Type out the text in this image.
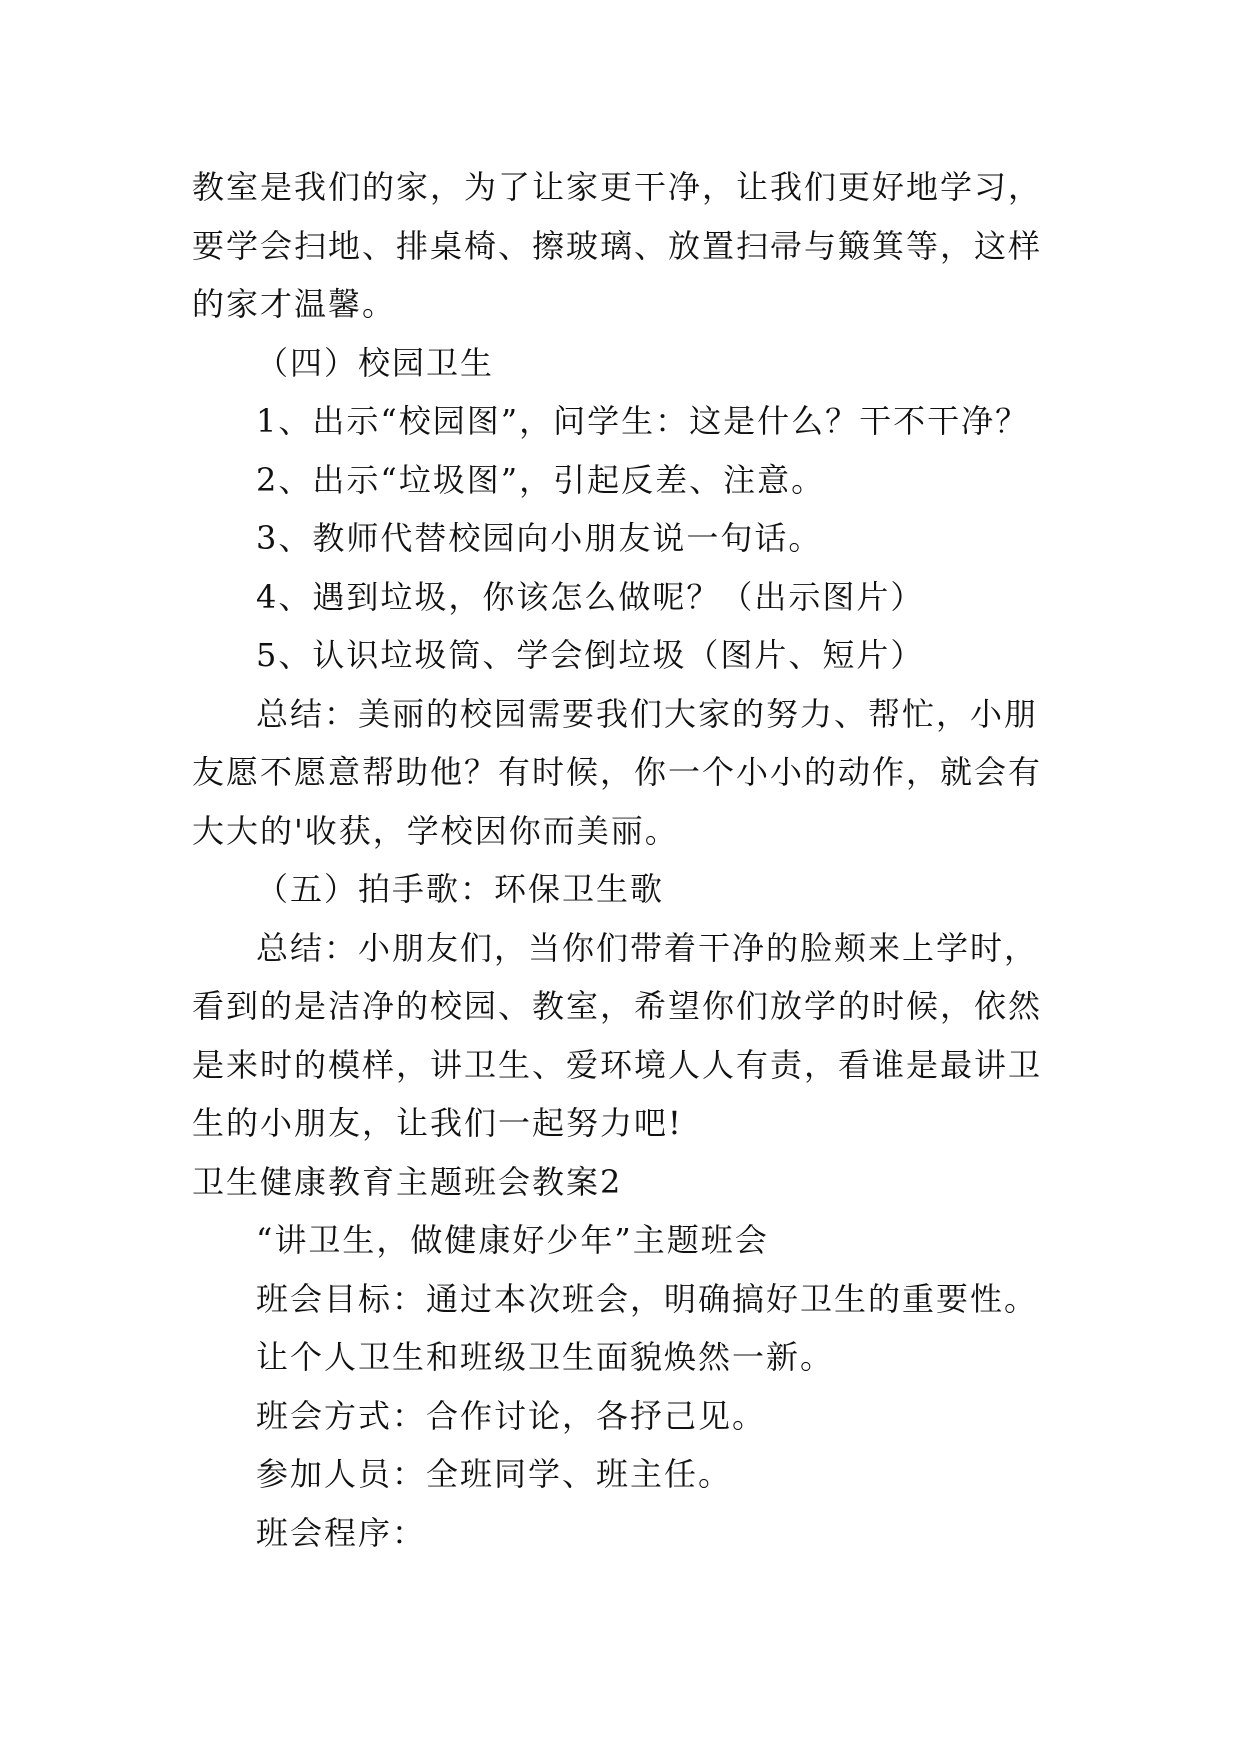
教室是我们的家，为了让家更干净，让我们更好地学习，要学会扫地、排桌椅、擦玻璃、放置扫帚与簸箕等，这样的家才温馨。

（四）校园卫生

1、出示“校园图”，问学生：这是什么？干不干净？

2、出示“垃圾图”，引起反差、注意。

3、教师代替校园向小朋友说一句话。

4、遇到垃圾，你该怎么做呢？（出示图片）

5、认识垃圾筒、学会倒垃圾（图片、短片）

总结：美丽的校园需要我们大家的努力、帮忙，小朋友愿不愿意帮助他？有时候，你一个小小的动作，就会有大大的'收获，学校因你而美丽。

（五）拍手歌：环保卫生歌

总结：小朋友们，当你们带着干净的脸颊来上学时，看到的是洁净的校园、教室，希望你们放学的时候，依然是来时的模样，讲卫生、爱环境人人有责，看谁是最讲卫生的小朋友，让我们一起努力吧!

卫生健康教育主题班会教案2

“讲卫生，做健康好少年”主题班会

班会目标：通过本次班会，明确搞好卫生的重要性。

让个人卫生和班级卫生面貌焕然一新。

班会方式：合作讨论，各抒己见。

参加人员：全班同学、班主任。

班会程序：
